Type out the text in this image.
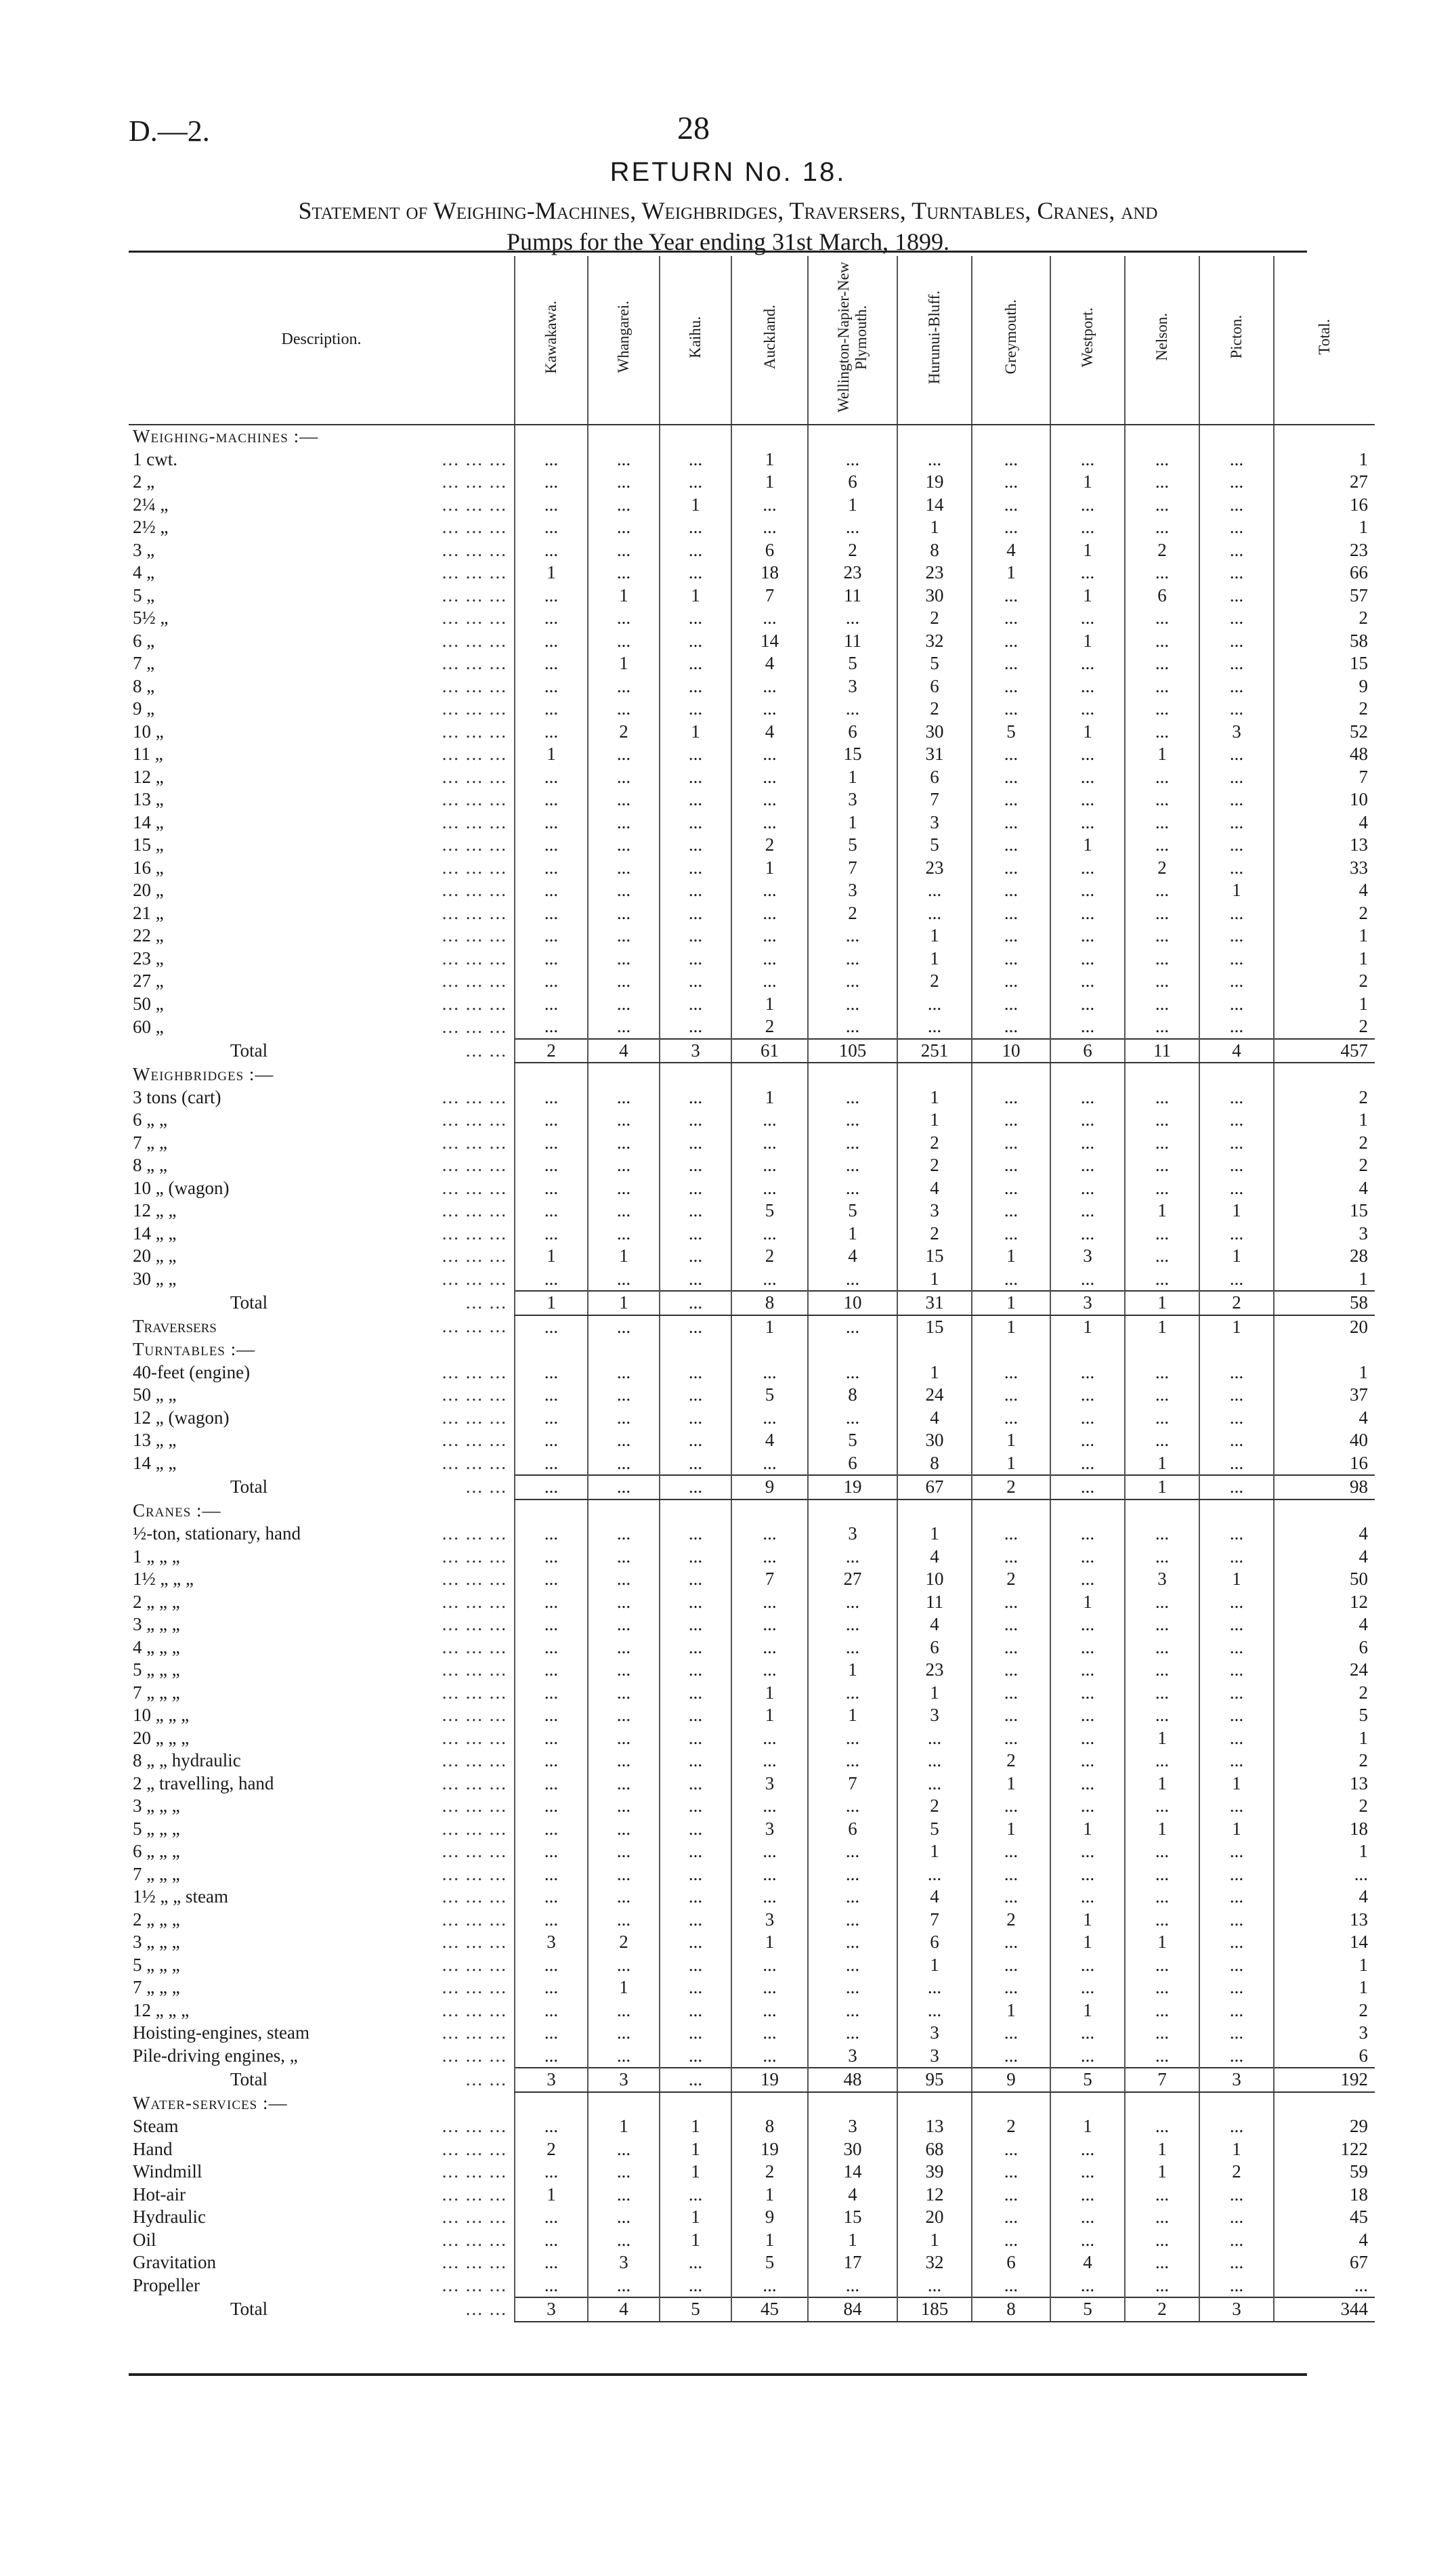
D.—2.	28
RETURN No. 18.
Statement of Weighing-Machines, Weighbridges, Traversers, Turntables, Cranes, and
Pumps for the Year ending 31st March, 1899.
Description.	Kawakawa.	Whangarei.	Kaihu.	Auckland.	Wellington-Napier-New Plymouth.	Hurunui-Bluff.	Greymouth.	Westport.	Nelson.	Picton.	Total.
Weighing-machines :—											
1 cwt. ... ... ...	...	...	...	1	...	...	...	...	...	...	1
2 „ ... ... ...	...	...	...	1	6	19	...	1	...	...	27
2¼ „ ... ... ...	...	...	1	...	1	14	...	...	...	...	16
2½ „ ... ... ...	...	...	...	...	...	1	...	...	...	...	1
3 „ ... ... ...	...	...	...	6	2	8	4	1	2	...	23
4 „ ... ... ...	1	...	...	18	23	23	1	...	...	...	66
5 „ ... ... ...	...	1	1	7	11	30	...	1	6	...	57
5½ „ ... ... ...	...	...	...	...	...	2	...	...	...	...	2
6 „ ... ... ...	...	...	...	14	11	32	...	1	...	...	58
7 „ ... ... ...	...	1	...	4	5	5	...	...	...	...	15
8 „ ... ... ...	...	...	...	...	3	6	...	...	...	...	9
9 „ ... ... ...	...	...	...	...	...	2	...	...	...	...	2
10 „ ... ... ...	...	2	1	4	6	30	5	1	...	3	52
11 „ ... ... ...	1	...	...	...	15	31	...	...	1	...	48
12 „ ... ... ...	...	...	...	...	1	6	...	...	...	...	7
13 „ ... ... ...	...	...	...	...	3	7	...	...	...	...	10
14 „ ... ... ...	...	...	...	...	1	3	...	...	...	...	4
15 „ ... ... ...	...	...	...	2	5	5	...	1	...	...	13
16 „ ... ... ...	...	...	...	1	7	23	...	...	2	...	33
20 „ ... ... ...	...	...	...	...	3	...	...	...	...	1	4
21 „ ... ... ...	...	...	...	...	2	...	...	...	...	...	2
22 „ ... ... ...	...	...	...	...	...	1	...	...	...	...	1
23 „ ... ... ...	...	...	...	...	...	1	...	...	...	...	1
27 „ ... ... ...	...	...	...	...	...	2	...	...	...	...	2
50 „ ... ... ...	...	...	...	1	...	...	...	...	...	...	1
60 „ ... ... ...	...	...	...	2	...	...	...	...	...	...	2
Total ... ...	2	4	3	61	105	251	10	6	11	4	457
Weighbridges :—											
3 tons (cart) ... ... ...	...	...	...	1	...	1	...	...	...	...	2
6 „ „ ... ... ...	...	...	...	...	...	1	...	...	...	...	1
7 „ „ ... ... ...	...	...	...	...	...	2	...	...	...	...	2
8 „ „ ... ... ...	...	...	...	...	...	2	...	...	...	...	2
10 „ (wagon) ... ... ...	...	...	...	...	...	4	...	...	...	...	4
12 „ „ ... ... ...	...	...	...	5	5	3	...	...	1	1	15
14 „ „ ... ... ...	...	...	...	...	1	2	...	...	...	...	3
20 „ „ ... ... ...	1	1	...	2	4	15	1	3	...	1	28
30 „ „ ... ... ...	...	...	...	...	...	1	...	...	...	...	1
Total ... ...	1	1	...	8	10	31	1	3	1	2	58
Traversers ... ... ...	...	...	...	1	...	15	1	1	1	1	20
Turntables :—											
40-feet (engine) ... ... ...	...	...	...	...	...	1	...	...	...	...	1
50 „ „ ... ... ...	...	...	...	5	8	24	...	...	...	...	37
12 „ (wagon) ... ... ...	...	...	...	...	...	4	...	...	...	...	4
13 „ „ ... ... ...	...	...	...	4	5	30	1	...	...	...	40
14 „ „ ... ... ...	...	...	...	...	6	8	1	...	1	...	16
Total ... ...	...	...	...	9	19	67	2	...	1	...	98
Cranes :—											
½-ton, stationary, hand ... ... ...	...	...	...	...	3	1	...	...	...	...	4
1 „ „ „ ... ... ...	...	...	...	...	...	4	...	...	...	...	4
1½ „ „ „ ... ... ...	...	...	...	7	27	10	2	...	3	1	50
2 „ „ „ ... ... ...	...	...	...	...	...	11	...	1	...	...	12
3 „ „ „ ... ... ...	...	...	...	...	...	4	...	...	...	...	4
4 „ „ „ ... ... ...	...	...	...	...	...	6	...	...	...	...	6
5 „ „ „ ... ... ...	...	...	...	...	1	23	...	...	...	...	24
7 „ „ „ ... ... ...	...	...	...	1	...	1	...	...	...	...	2
10 „ „ „ ... ... ...	...	...	...	1	1	3	...	...	...	...	5
20 „ „ „ ... ... ...	...	...	...	...	...	...	...	...	1	...	1
8 „ „ hydraulic ... ... ...	...	...	...	...	...	...	2	...	...	...	2
2 „ travelling, hand ... ... ...	...	...	...	3	7	...	1	...	1	1	13
3 „ „ „ ... ... ...	...	...	...	...	...	2	...	...	...	...	2
5 „ „ „ ... ... ...	...	...	...	3	6	5	1	1	1	1	18
6 „ „ „ ... ... ...	...	...	...	...	...	1	...	...	...	...	1
7 „ „ „ ... ... ...	...	...	...	...	...	...	...	...	...	...	...
1½ „ „ steam ... ... ...	...	...	...	...	...	4	...	...	...	...	4
2 „ „ „ ... ... ...	...	...	...	3	...	7	2	1	...	...	13
3 „ „ „ ... ... ...	3	2	...	1	...	6	...	1	1	...	14
5 „ „ „ ... ... ...	...	...	...	...	...	1	...	...	...	...	1
7 „ „ „ ... ... ...	...	1	...	...	...	...	...	...	...	...	1
12 „ „ „ ... ... ...	...	...	...	...	...	...	1	1	...	...	2
Hoisting-engines, steam ... ... ...	...	...	...	...	...	3	...	...	...	...	3
Pile-driving engines, „ ... ... ...	...	...	...	...	3	3	...	...	...	...	6
Total ... ...	3	3	...	19	48	95	9	5	7	3	192
Water-services :—											
Steam ... ... ...	...	1	1	8	3	13	2	1	...	...	29
Hand ... ... ...	2	...	1	19	30	68	...	...	1	1	122
Windmill ... ... ...	...	...	1	2	14	39	...	...	1	2	59
Hot-air ... ... ...	1	...	...	1	4	12	...	...	...	...	18
Hydraulic ... ... ...	...	...	1	9	15	20	...	...	...	...	45
Oil ... ... ...	...	...	1	1	1	1	...	...	...	...	4
Gravitation ... ... ...	...	3	...	5	17	32	6	4	...	...	67
Propeller ... ... ...	...	...	...	...	...	...	...	...	...	...	...
Total ... ...	3	4	5	45	84	185	8	5	2	3	344
